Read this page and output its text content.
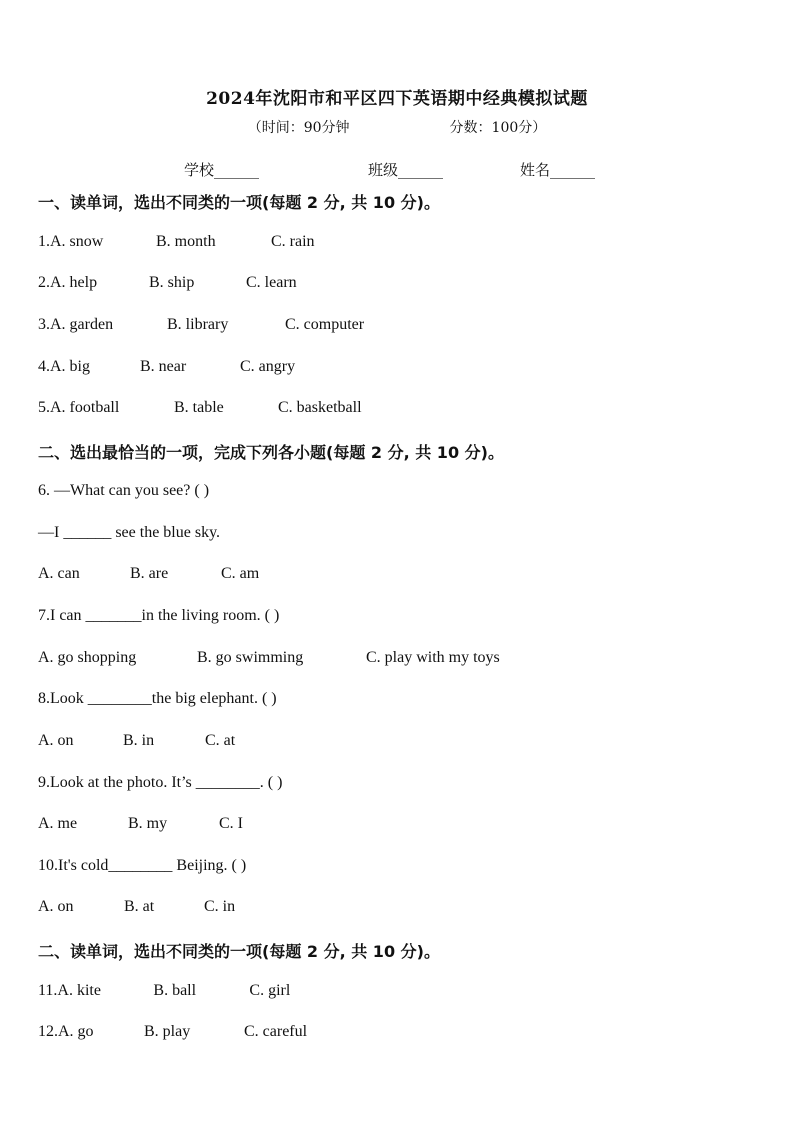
2024年沈阳市和平区四下英语期中经典模拟试题
（时间：90分钟	分数：100分）
学校______	班级______	姓名______
一、读单词，选出不同类的一项(每题 2 分, 共 10 分)。
1.A. snow	B. month	C. rain
2.A. help	B. ship	C. learn
3.A. garden	B. library	C. computer
4.A. big	B. near	C. angry
5.A. football	B. table	C. basketball
二、选出最恰当的一项，完成下列各小题(每题 2 分, 共 10 分)。
6. —What can you see? ( )
—I ______ see the blue sky.
A. can	B. are	C. am
7.I can _______in the living room. ( )
A. go shopping	B. go swimming	C. play with my toys
8.Look ________the big elephant. ( )
A. on	B. in	C. at
9.Look at the photo. It’s ________. ( )
A. me	B. my	C. I
10.It's cold________ Beijing. ( )
A. on	B. at	C. in
二、读单词，选出不同类的一项(每题 2 分, 共 10 分)。
11.A. kite	B. ball	C. girl
12.A. go	B. play	C. careful
